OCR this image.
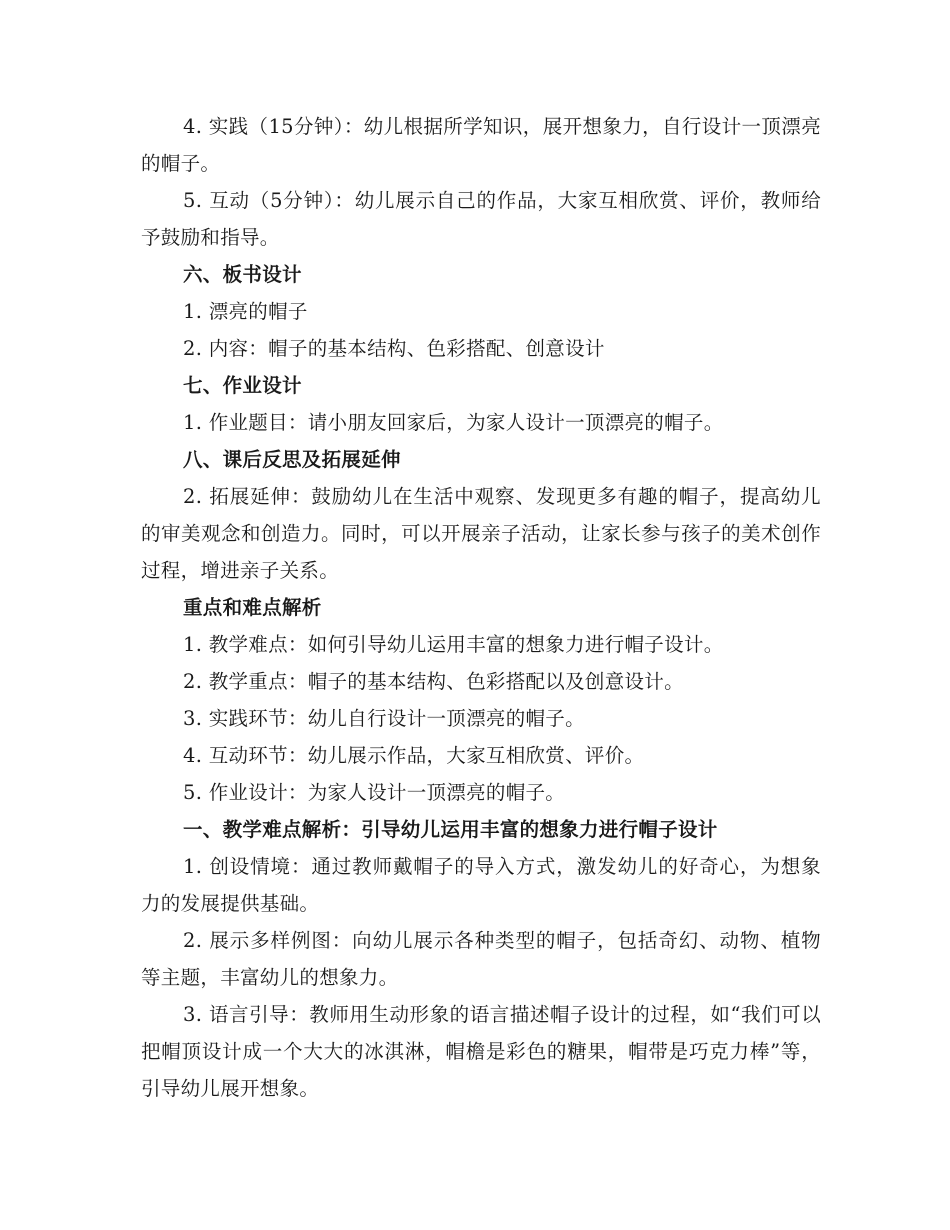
4. 实践（15分钟）：幼儿根据所学知识，展开想象力，自行设计一顶漂亮的帽子。

5. 互动（5分钟）：幼儿展示自己的作品，大家互相欣赏、评价，教师给予鼓励和指导。

六、板书设计

1. 漂亮的帽子

2. 内容：帽子的基本结构、色彩搭配、创意设计

七、作业设计

1. 作业题目：请小朋友回家后，为家人设计一顶漂亮的帽子。

八、课后反思及拓展延伸

2. 拓展延伸：鼓励幼儿在生活中观察、发现更多有趣的帽子，提高幼儿的审美观念和创造力。同时，可以开展亲子活动，让家长参与孩子的美术创作过程，增进亲子关系。

重点和难点解析

1. 教学难点：如何引导幼儿运用丰富的想象力进行帽子设计。

2. 教学重点：帽子的基本结构、色彩搭配以及创意设计。

3. 实践环节：幼儿自行设计一顶漂亮的帽子。

4. 互动环节：幼儿展示作品，大家互相欣赏、评价。

5. 作业设计：为家人设计一顶漂亮的帽子。

一、教学难点解析：引导幼儿运用丰富的想象力进行帽子设计

1. 创设情境：通过教师戴帽子的导入方式，激发幼儿的好奇心，为想象力的发展提供基础。

2. 展示多样例图：向幼儿展示各种类型的帽子，包括奇幻、动物、植物等主题，丰富幼儿的想象力。

3. 语言引导：教师用生动形象的语言描述帽子设计的过程，如“我们可以把帽顶设计成一个大大的冰淇淋，帽檐是彩色的糖果，帽带是巧克力棒”等，引导幼儿展开想象。
